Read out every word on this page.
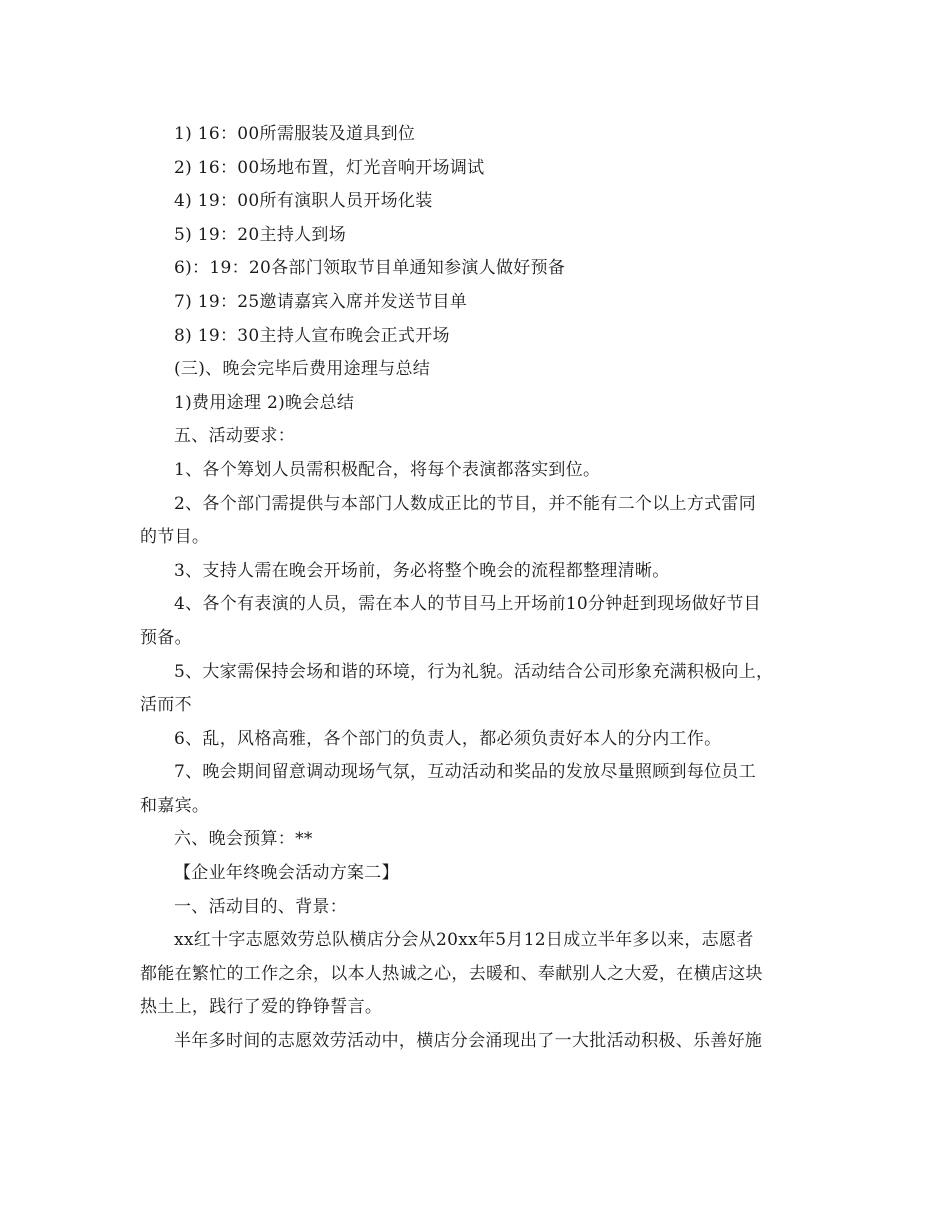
1) 16：00所需服装及道具到位
2) 16：00场地布置，灯光音响开场调试
4) 19：00所有演职人员开场化装
5) 19：20主持人到场
6)：19：20各部门领取节目单通知参演人做好预备
7) 19：25邀请嘉宾入席并发送节目单
8) 19：30主持人宣布晚会正式开场
(三)、晚会完毕后费用途理与总结
1)费用途理 2)晚会总结
五、活动要求：
1、各个筹划人员需积极配合，将每个表演都落实到位。
2、各个部门需提供与本部门人数成正比的节目，并不能有二个以上方式雷同
的节目。
3、支持人需在晚会开场前，务必将整个晚会的流程都整理清晰。
4、各个有表演的人员，需在本人的节目马上开场前10分钟赶到现场做好节目
预备。
5、大家需保持会场和谐的环境，行为礼貌。活动结合公司形象充满积极向上，
活而不
6、乱，风格高雅，各个部门的负责人，都必须负责好本人的分内工作。
7、晚会期间留意调动现场气氛，互动活动和奖品的发放尽量照顾到每位员工
和嘉宾。
六、晚会预算：**
【企业年终晚会活动方案二】
一、活动目的、背景：
xx红十字志愿效劳总队横店分会从20xx年5月12日成立半年多以来，志愿者
都能在繁忙的工作之余，以本人热诚之心，去暖和、奉献别人之大爱，在横店这块
热土上，践行了爱的铮铮誓言。
半年多时间的志愿效劳活动中，横店分会涌现出了一大批活动积极、乐善好施
